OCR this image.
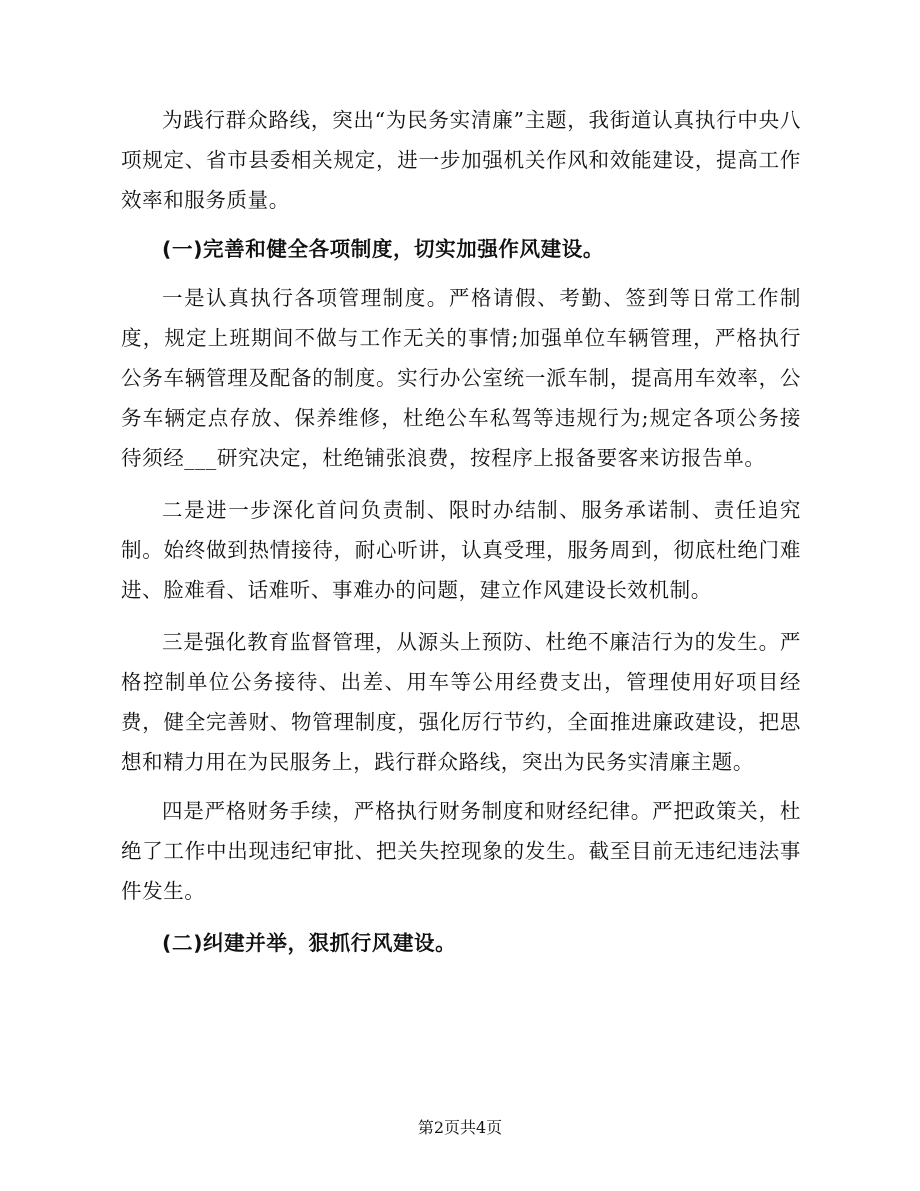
为践行群众路线，突出“为民务实清廉”主题，我街道认真执行中央八项规定、省市县委相关规定，进一步加强机关作风和效能建设，提高工作效率和服务质量。

(一)完善和健全各项制度，切实加强作风建设。

一是认真执行各项管理制度。严格请假、考勤、签到等日常工作制度，规定上班期间不做与工作无关的事情;加强单位车辆管理，严格执行公务车辆管理及配备的制度。实行办公室统一派车制，提高用车效率，公务车辆定点存放、保养维修，杜绝公车私驾等违规行为;规定各项公务接待须经___研究决定，杜绝铺张浪费，按程序上报备要客来访报告单。

二是进一步深化首问负责制、限时办结制、服务承诺制、责任追究制。始终做到热情接待，耐心听讲，认真受理，服务周到，彻底杜绝门难进、脸难看、话难听、事难办的问题，建立作风建设长效机制。

三是强化教育监督管理，从源头上预防、杜绝不廉洁行为的发生。严格控制单位公务接待、出差、用车等公用经费支出，管理使用好项目经费，健全完善财、物管理制度，强化厉行节约，全面推进廉政建设，把思想和精力用在为民服务上，践行群众路线，突出为民务实清廉主题。

四是严格财务手续，严格执行财务制度和财经纪律。严把政策关，杜绝了工作中出现违纪审批、把关失控现象的发生。截至目前无违纪违法事件发生。

(二)纠建并举，狠抓行风建设。

第2页共4页
